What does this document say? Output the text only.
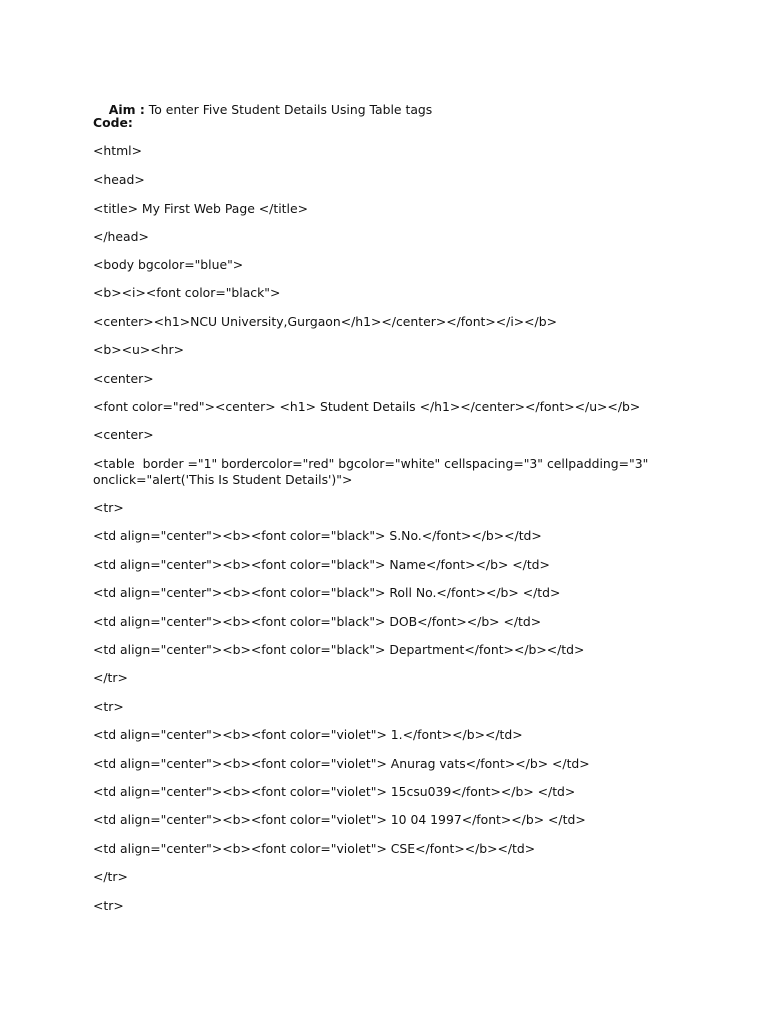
Aim : To enter Five Student Details Using Table tags

Code:
<html>
<head>
<title> My First Web Page </title>
</head>
<body bgcolor="blue">
<b><i><font color="black">
<center><h1>NCU University,Gurgaon</h1></center></font></i></b>
<b><u><hr>
<center>
<font color="red"><center> <h1> Student Details </h1></center></font></u></b>
<center>
<table  border ="1" bordercolor="red" bgcolor="white" cellspacing="3" cellpadding="3" onclick="alert('This Is Student Details')">
<tr>
<td align="center"><b><font color="black"> S.No.</font></b></td>
<td align="center"><b><font color="black"> Name</font></b> </td>
<td align="center"><b><font color="black"> Roll No.</font></b> </td>
<td align="center"><b><font color="black"> DOB</font></b> </td>
<td align="center"><b><font color="black"> Department</font></b></td>
</tr>
<tr>
<td align="center"><b><font color="violet"> 1.</font></b></td>
<td align="center"><b><font color="violet"> Anurag vats</font></b> </td>
<td align="center"><b><font color="violet"> 15csu039</font></b> </td>
<td align="center"><b><font color="violet"> 10 04 1997</font></b> </td>
<td align="center"><b><font color="violet"> CSE</font></b></td>
</tr>
<tr>
